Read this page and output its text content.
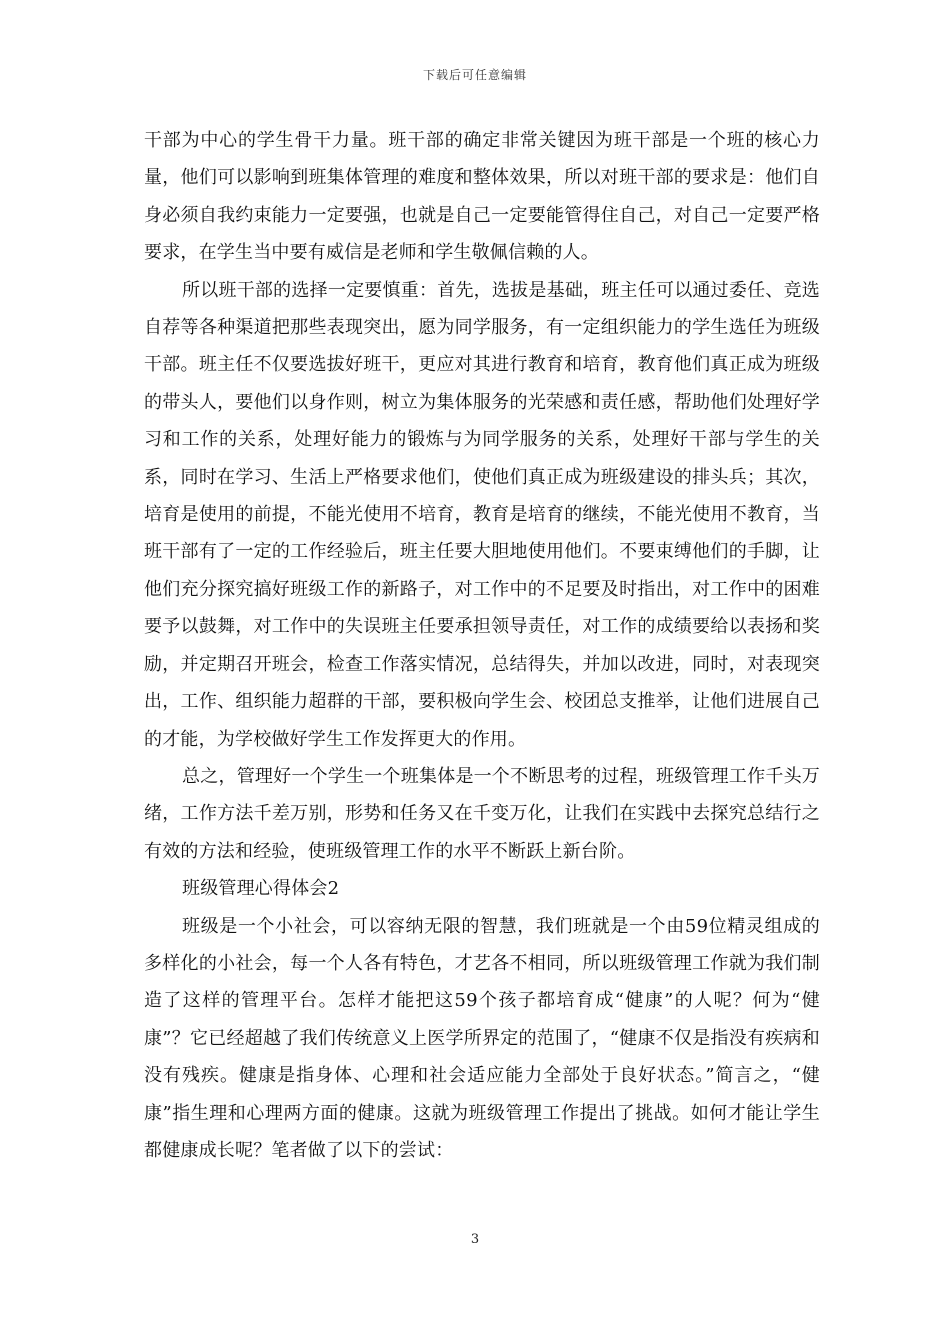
下载后可任意编辑

干部为中心的学生骨干力量。班干部的确定非常关键因为班干部是一个班的核心力量，他们可以影响到班集体管理的难度和整体效果，所以对班干部的要求是：他们自身必须自我约束能力一定要强，也就是自己一定要能管得住自己，对自己一定要严格要求，在学生当中要有威信是老师和学生敬佩信赖的人。

所以班干部的选择一定要慎重：首先，选拔是基础，班主任可以通过委任、竞选自荐等各种渠道把那些表现突出，愿为同学服务，有一定组织能力的学生选任为班级干部。班主任不仅要选拔好班干，更应对其进行教育和培育，教育他们真正成为班级的带头人，要他们以身作则，树立为集体服务的光荣感和责任感，帮助他们处理好学习和工作的关系，处理好能力的锻炼与为同学服务的关系，处理好干部与学生的关系，同时在学习、生活上严格要求他们，使他们真正成为班级建设的排头兵；其次，培育是使用的前提，不能光使用不培育，教育是培育的继续，不能光使用不教育，当班干部有了一定的工作经验后，班主任要大胆地使用他们。不要束缚他们的手脚，让他们充分探究搞好班级工作的新路子，对工作中的不足要及时指出，对工作中的困难要予以鼓舞，对工作中的失误班主任要承担领导责任，对工作的成绩要给以表扬和奖励，并定期召开班会，检查工作落实情况，总结得失，并加以改进，同时，对表现突出，工作、组织能力超群的干部，要积极向学生会、校团总支推举，让他们进展自己的才能，为学校做好学生工作发挥更大的作用。

总之，管理好一个学生一个班集体是一个不断思考的过程，班级管理工作千头万绪，工作方法千差万别，形势和任务又在千变万化，让我们在实践中去探究总结行之有效的方法和经验，使班级管理工作的水平不断跃上新台阶。

班级管理心得体会2

班级是一个小社会，可以容纳无限的智慧，我们班就是一个由59位精灵组成的多样化的小社会，每一个人各有特色，才艺各不相同，所以班级管理工作就为我们制造了这样的管理平台。怎样才能把这59个孩子都培育成“健康”的人呢？何为“健康”？它已经超越了我们传统意义上医学所界定的范围了，“健康不仅是指没有疾病和没有残疾。健康是指身体、心理和社会适应能力全部处于良好状态。”简言之，“健康”指生理和心理两方面的健康。这就为班级管理工作提出了挑战。如何才能让学生都健康成长呢？笔者做了以下的尝试：

3
